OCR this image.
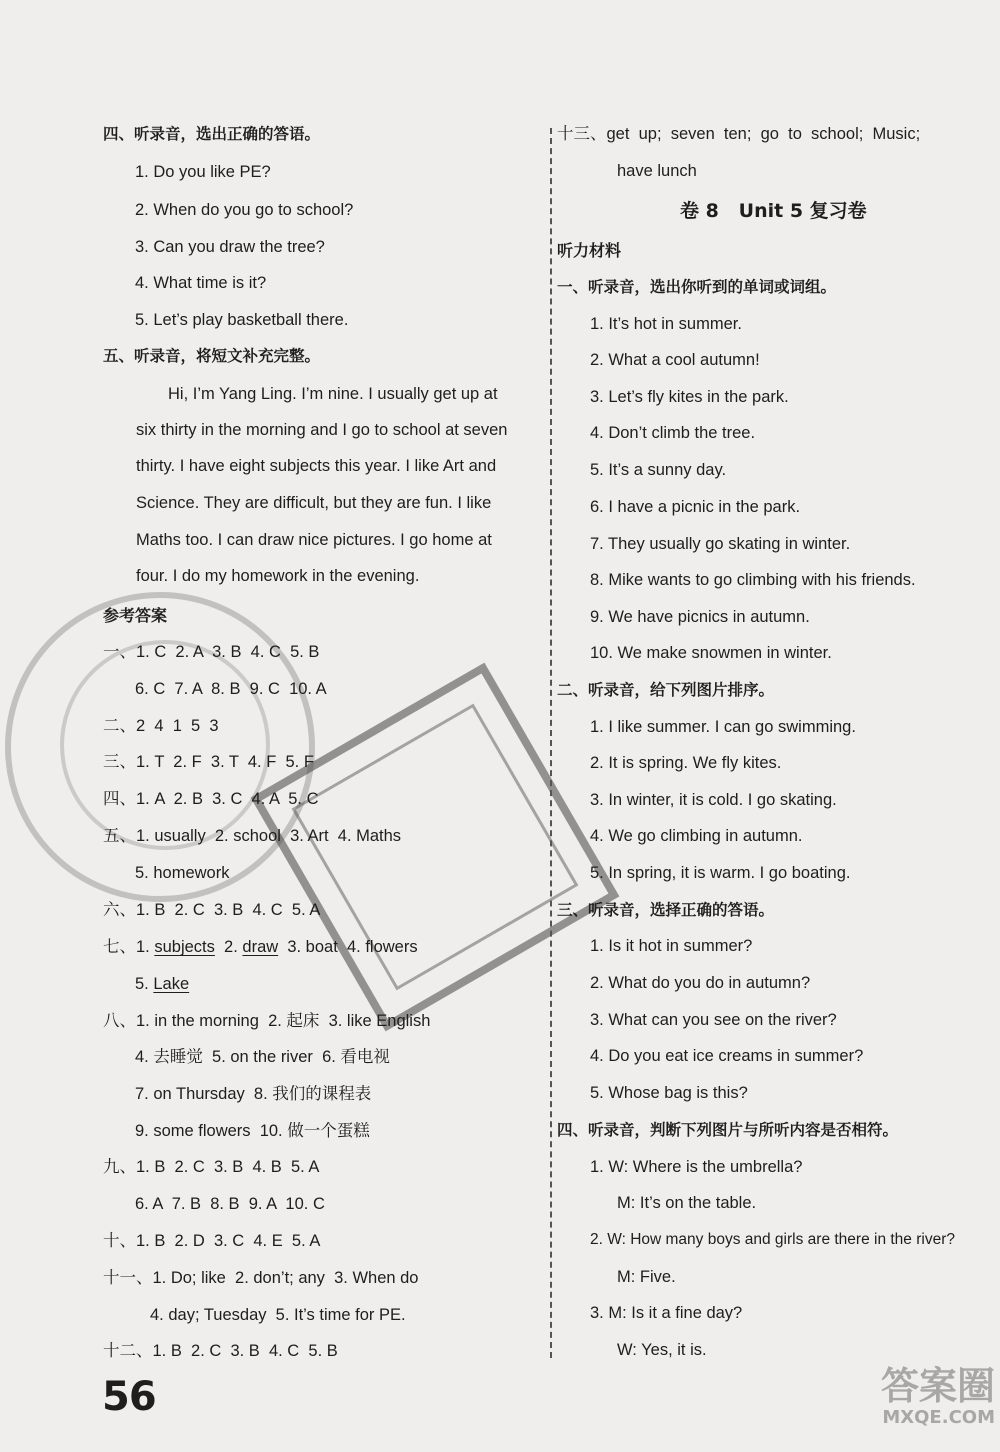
四、听录音，选出正确的答语。
1. Do you like PE?
2. When do you go to school?
3. Can you draw the tree?
4. What time is it?
5. Let’s play basketball there.
五、听录音，将短文补充完整。
Hi, I’m Yang Ling. I’m nine. I usually get up at
six thirty in the morning and I go to school at seven
thirty. I have eight subjects this year. I like Art and
Science. They are difficult, but they are fun. I like
Maths too. I can draw nice pictures. I go home at
four. I do my homework in the evening.
参考答案
一、1. C  2. A  3. B  4. C  5. B
6. C  7. A  8. B  9. C  10. A
二、2  4  1  5  3
三、1. T  2. F  3. T  4. F  5. F
四、1. A  2. B  3. C  4. A  5. C
五、1. usually  2. school  3. Art  4. Maths
5. homework
六、1. B  2. C  3. B  4. C  5. A
七、1. subjects  2. draw  3. boat  4. flowers
5. Lake
八、1. in the morning  2. 起床  3. like English
4. 去睡觉  5. on the river  6. 看电视
7. on Thursday  8. 我们的课程表
9. some flowers  10. 做一个蛋糕
九、1. B  2. C  3. B  4. B  5. A
6. A  7. B  8. B  9. A  10. C
十、1. B  2. D  3. C  4. E  5. A
十一、1. Do; like  2. don’t; any  3. When do
4. day; Tuesday  5. It’s time for PE.
十二、1. B  2. C  3. B  4. C  5. B
56
十三、get  up;  seven  ten;  go  to  school;  Music;
have lunch
卷 8   Unit 5 复习卷
听力材料
一、听录音，选出你听到的单词或词组。
1. It’s hot in summer.
2. What a cool autumn!
3. Let’s fly kites in the park.
4. Don’t climb the tree.
5. It’s a sunny day.
6. I have a picnic in the park.
7. They usually go skating in winter.
8. Mike wants to go climbing with his friends.
9. We have picnics in autumn.
10. We make snowmen in winter.
二、听录音，给下列图片排序。
1. I like summer. I can go swimming.
2. It is spring. We fly kites.
3. In winter, it is cold. I go skating.
4. We go climbing in autumn.
5. In spring, it is warm. I go boating.
三、听录音，选择正确的答语。
1. Is it hot in summer?
2. What do you do in autumn?
3. What can you see on the river?
4. Do you eat ice creams in summer?
5. Whose bag is this?
四、听录音，判断下列图片与所听内容是否相符。
1. W: Where is the umbrella?
M: It’s on the table.
2. W: How many boys and girls are there in the river?
M: Five.
3. M: Is it a fine day?
W: Yes, it is.
答案圈
MXQE.COM
